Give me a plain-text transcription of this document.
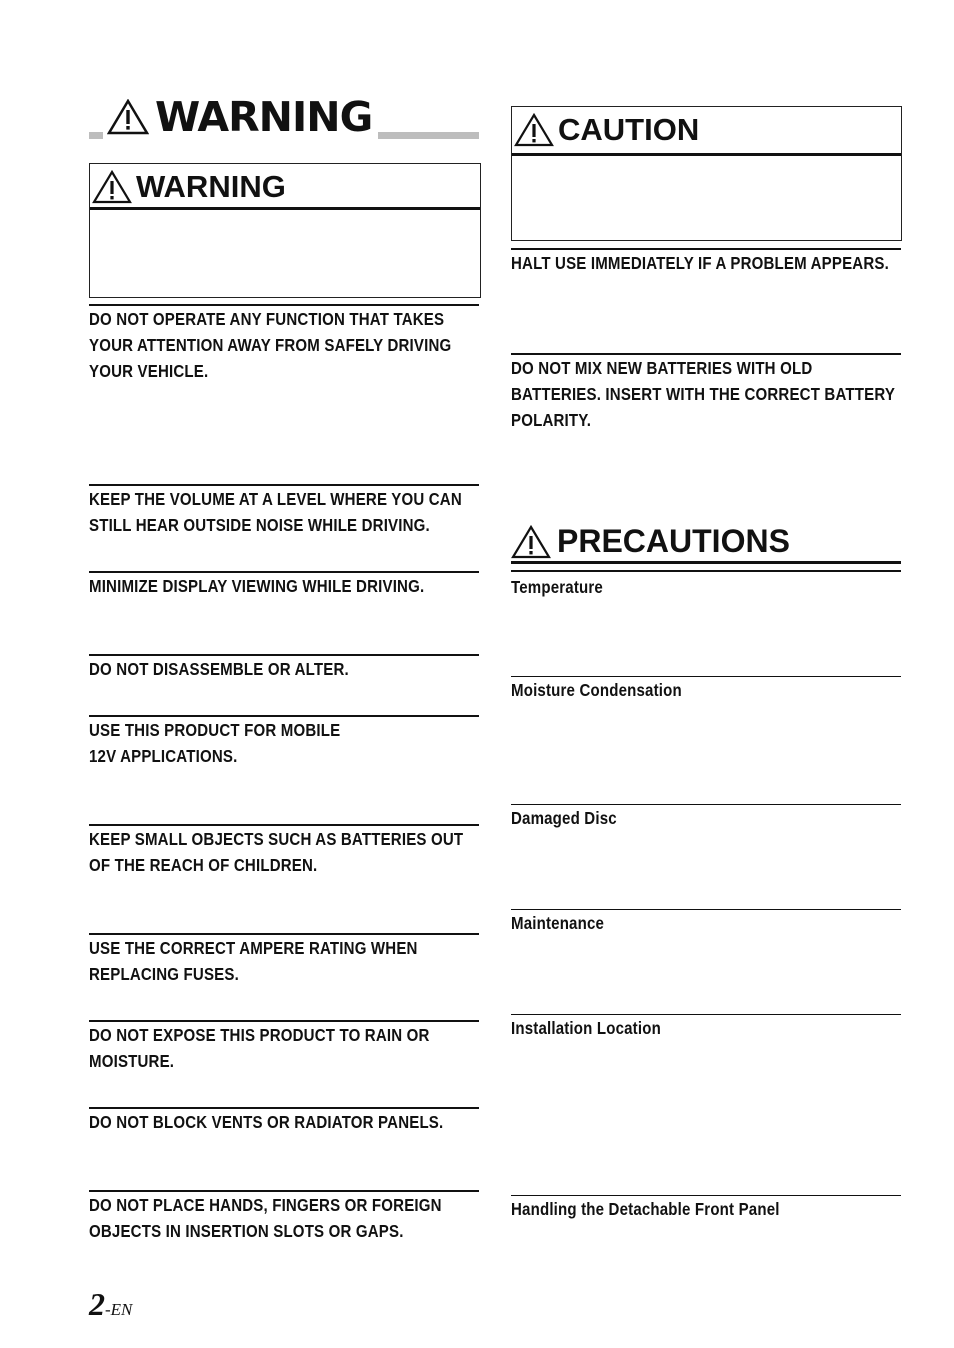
WARNING
WARNING
CAUTION
DO NOT OPERATE ANY FUNCTION THAT TAKES YOUR ATTENTION AWAY FROM SAFELY DRIVING YOUR VEHICLE.
KEEP THE VOLUME AT A LEVEL WHERE YOU CAN STILL HEAR OUTSIDE NOISE WHILE DRIVING.
MINIMIZE DISPLAY VIEWING WHILE DRIVING.
DO NOT DISASSEMBLE OR ALTER.
USE THIS PRODUCT FOR MOBILE 12V APPLICATIONS.
KEEP SMALL OBJECTS SUCH AS BATTERIES OUT OF THE REACH OF CHILDREN.
USE THE CORRECT AMPERE RATING WHEN REPLACING FUSES.
DO NOT EXPOSE THIS PRODUCT TO RAIN OR MOISTURE.
DO NOT BLOCK VENTS OR RADIATOR PANELS.
DO NOT PLACE HANDS, FINGERS OR FOREIGN OBJECTS IN INSERTION SLOTS OR GAPS.
HALT USE IMMEDIATELY IF A PROBLEM APPEARS.
DO NOT MIX NEW BATTERIES WITH OLD BATTERIES. INSERT WITH THE CORRECT BATTERY POLARITY.
PRECAUTIONS
Temperature
Moisture Condensation
Damaged Disc
Maintenance
Installation Location
Handling the Detachable Front Panel
2-EN
